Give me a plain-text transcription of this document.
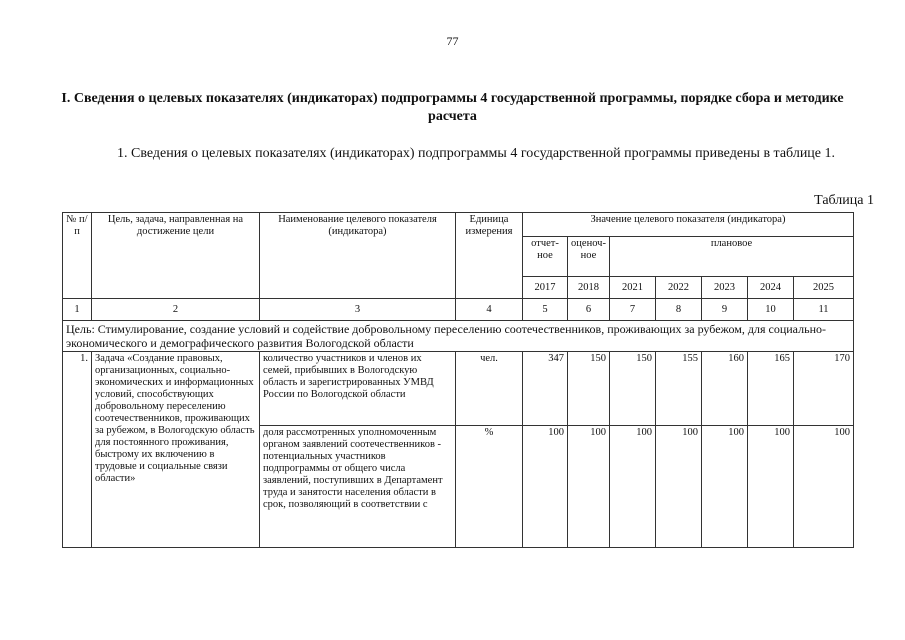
77
I. Сведения о целевых показателях (индикаторах) подпрограммы 4 государственной программы, порядке сбора и методике расчета
1. Сведения о целевых показателях (индикаторах) подпрограммы 4 государственной программы приведены в таблице 1.
Таблица 1
№ п/п	Цель, задача, направленная на достижение цели	Наименование целевого показателя (индикатора)	Единица измерения	Значение целевого показателя (индикатора)						
				отчет-ное	оценоч-ное	плановое				
				2017	2018	2021	2022	2023	2024	2025
1	2	3	4	5	6	7	8	9	10	11
Цель: Стимулирование, создание условий и содействие добровольному переселению соотечественников, проживающих за рубежом, для социально-экономического и демографического развития Вологодской области										
1.	Задача «Создание правовых, организационных, социально-экономических и информационных условий, способствующих добровольному переселению соотечественников, проживающих за рубежом, в Вологодскую область для постоянного проживания, быстрому их включению в трудовые и социальные связи области»	количество участников и членов их семей, прибывших в Вологодскую область и зарегистрированных УМВД России по Вологодской области	чел.	347	150	150	155	160	165	170
		доля рассмотренных уполномоченным органом заявлений соотечественников - потенциальных участников подпрограммы от общего числа заявлений, поступивших в Департамент труда и занятости населения области в срок, позволяющий в соответствии с	%	100	100	100	100	100	100	100
